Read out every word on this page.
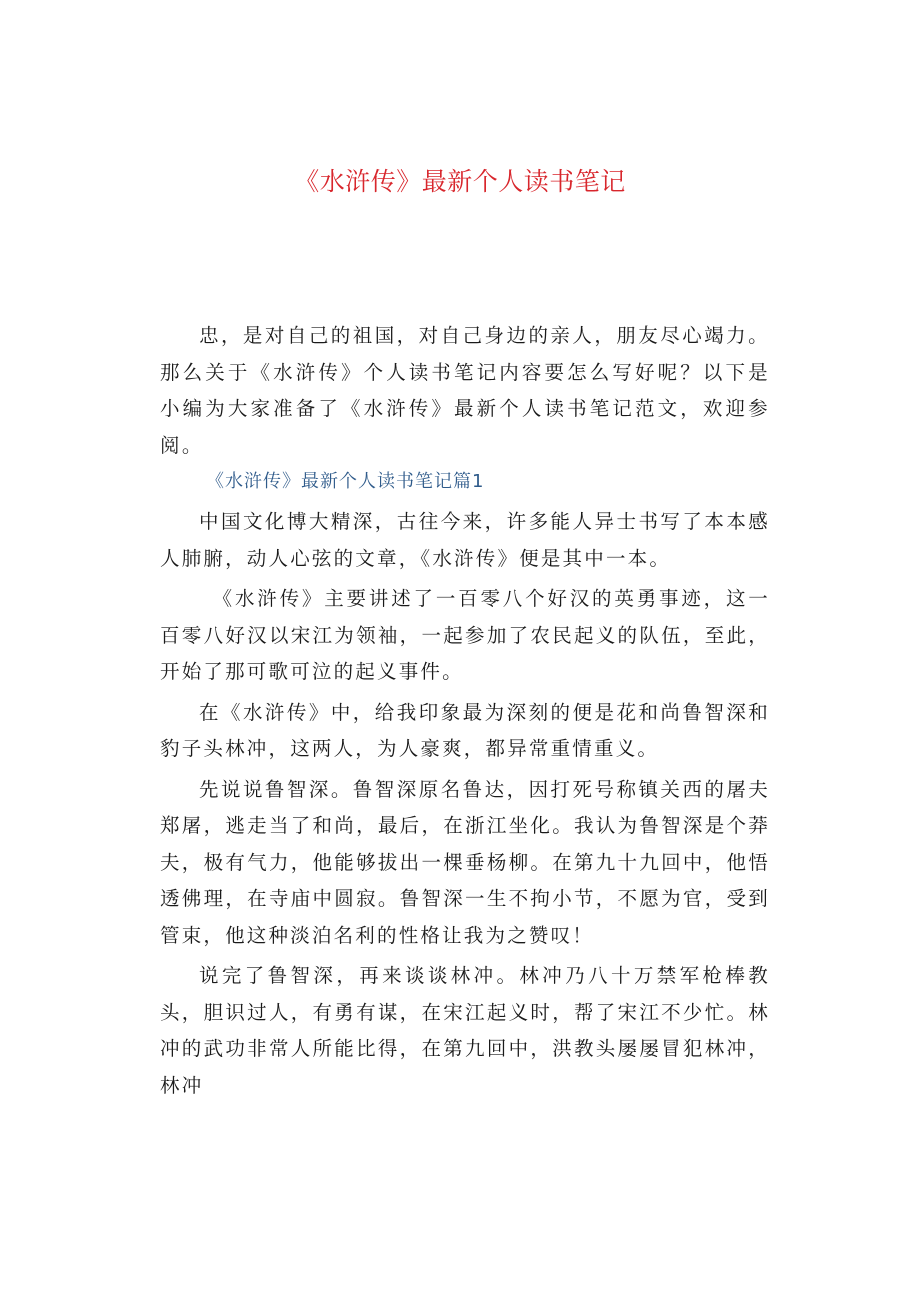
《水浒传》最新个人读书笔记

忠，是对自己的祖国，对自己身边的亲人，朋友尽心竭力。那么关于《水浒传》个人读书笔记内容要怎么写好呢？以下是小编为大家准备了《水浒传》最新个人读书笔记范文，欢迎参阅。

《水浒传》最新个人读书笔记篇1

中国文化博大精深，古往今来，许多能人异士书写了本本感人肺腑，动人心弦的文章，《水浒传》便是其中一本。

《水浒传》主要讲述了一百零八个好汉的英勇事迹，这一百零八好汉以宋江为领袖，一起参加了农民起义的队伍，至此，开始了那可歌可泣的起义事件。

在《水浒传》中，给我印象最为深刻的便是花和尚鲁智深和豹子头林冲，这两人，为人豪爽，都异常重情重义。

先说说鲁智深。鲁智深原名鲁达，因打死号称镇关西的屠夫郑屠，逃走当了和尚，最后，在浙江坐化。我认为鲁智深是个莽夫，极有气力，他能够拔出一棵垂杨柳。在第九十九回中，他悟透佛理，在寺庙中圆寂。鲁智深一生不拘小节，不愿为官，受到管束，他这种淡泊名利的性格让我为之赞叹！

说完了鲁智深，再来谈谈林冲。林冲乃八十万禁军枪棒教头，胆识过人，有勇有谋，在宋江起义时，帮了宋江不少忙。林冲的武功非常人所能比得，在第九回中，洪教头屡屡冒犯林冲，林冲
